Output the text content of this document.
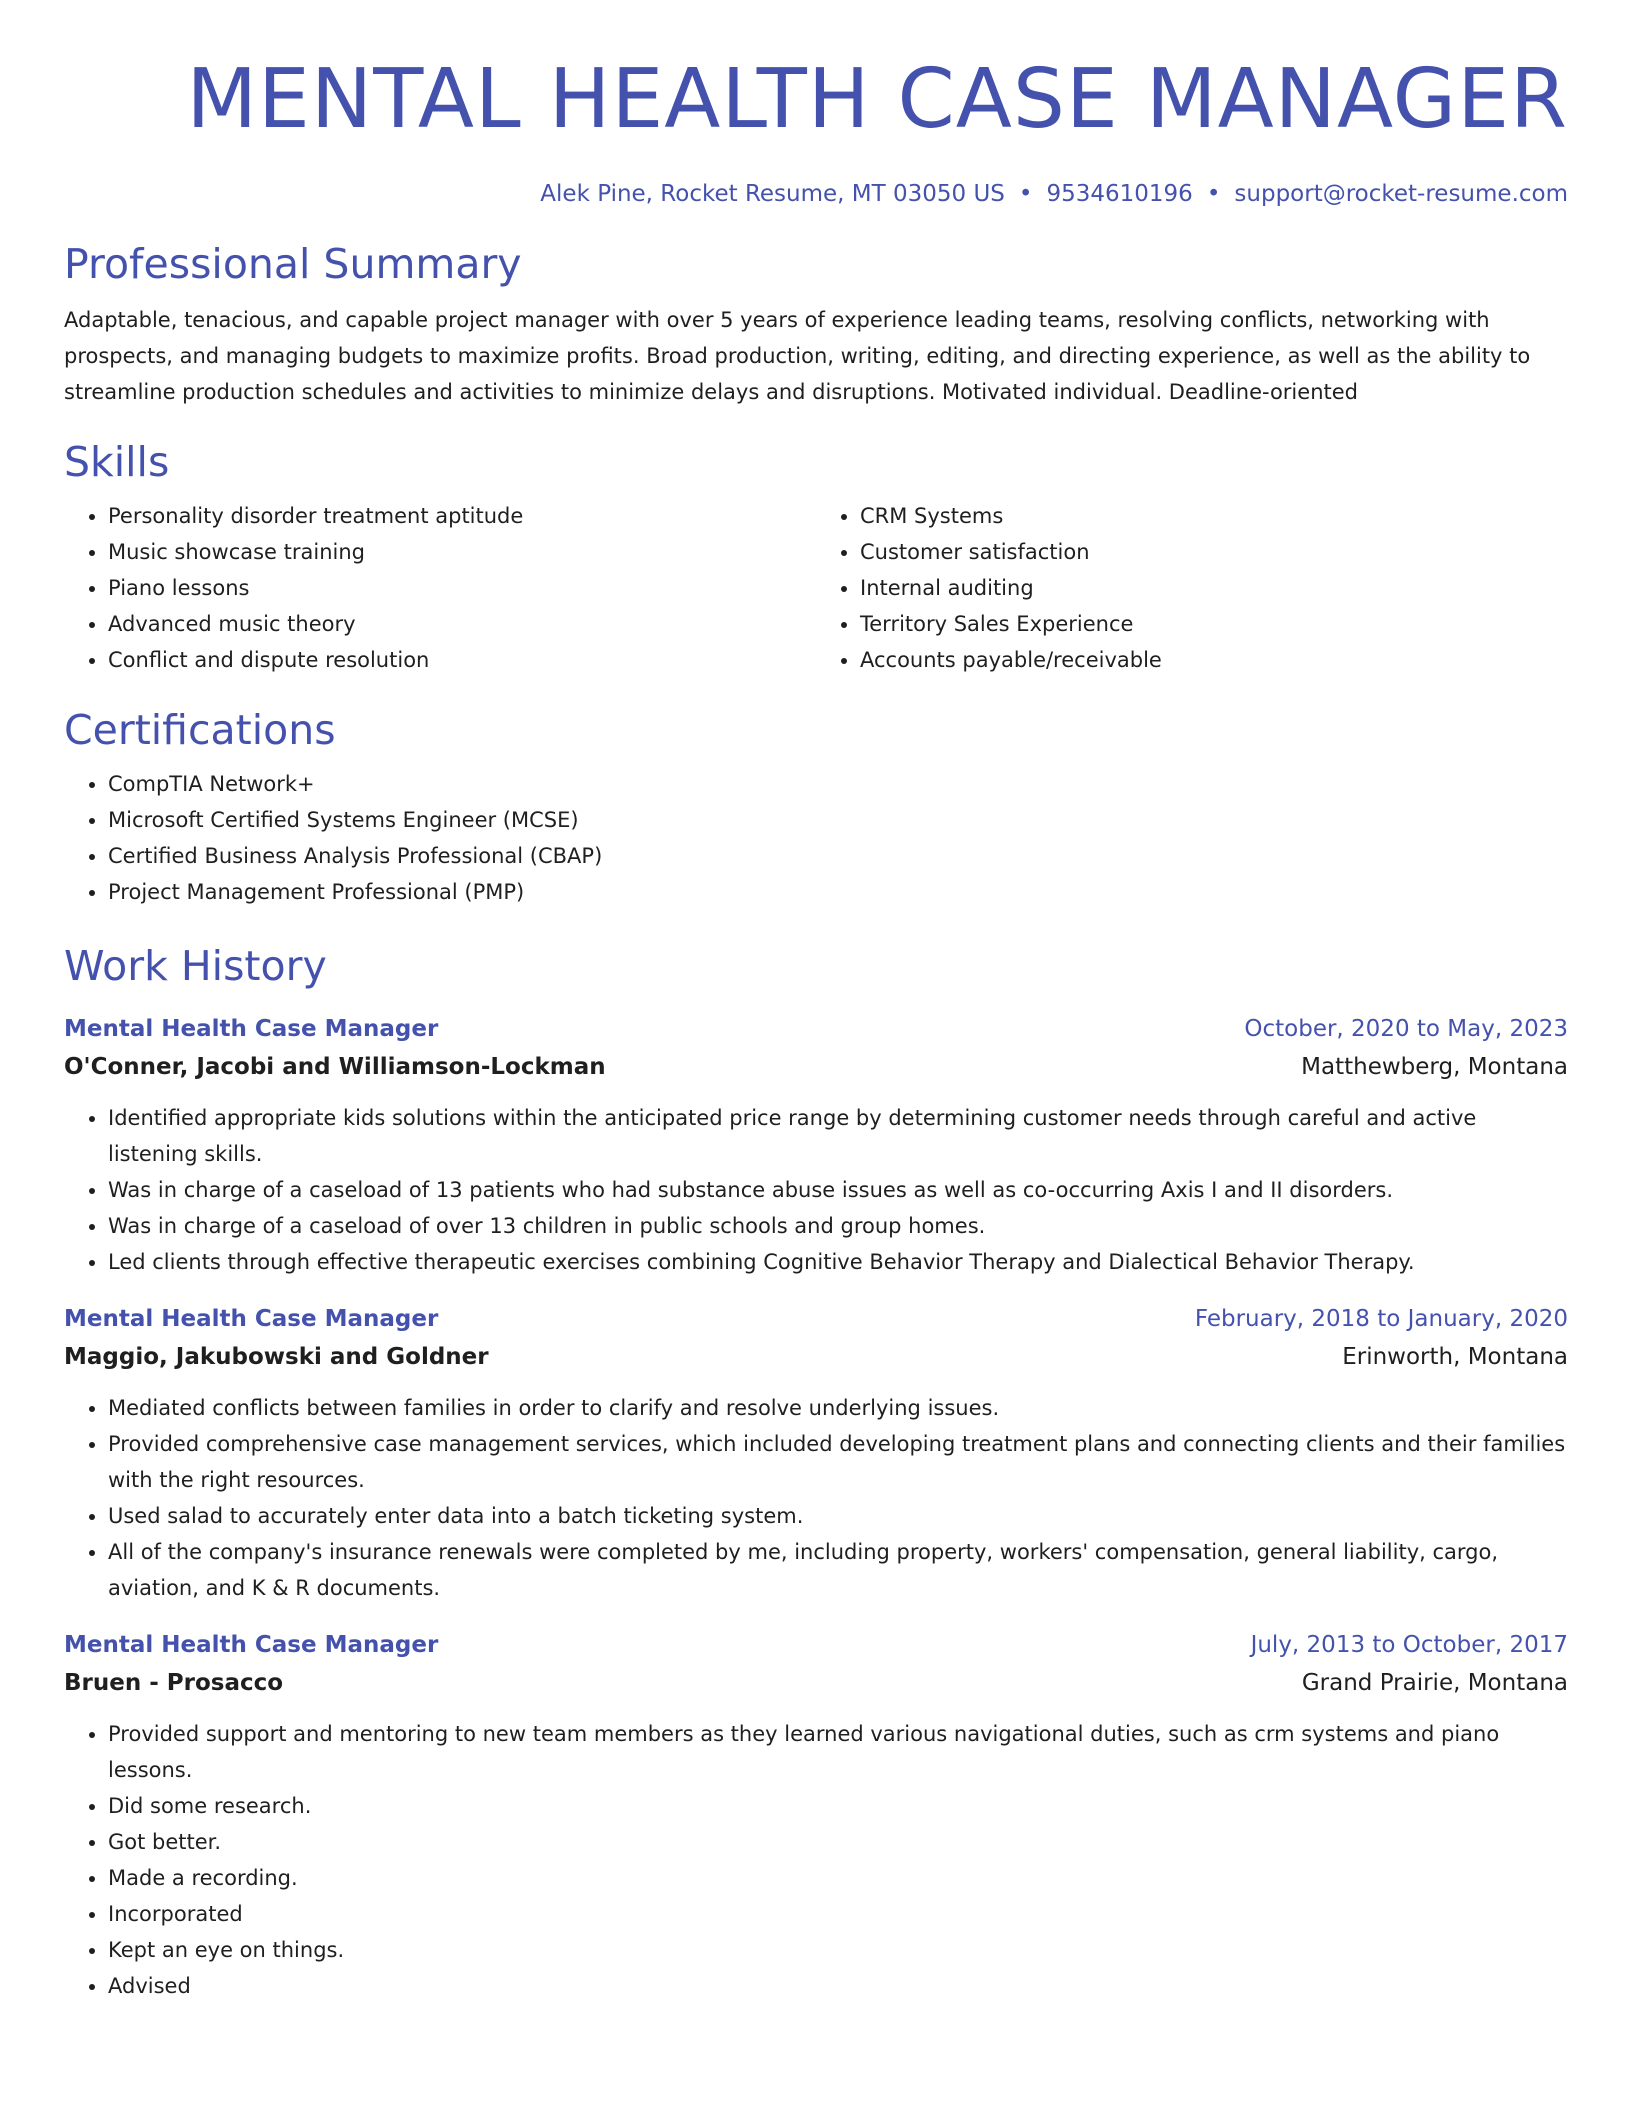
MENTAL HEALTH CASE MANAGER
Alek Pine, Rocket Resume, MT 03050 US • 9534610196 • support@rocket-resume.com
Professional Summary

Adaptable, tenacious, and capable project manager with over 5 years of experience leading teams, resolving conflicts, networking with prospects, and managing budgets to maximize profits. Broad production, writing, editing, and directing experience, as well as the ability to streamline production schedules and activities to minimize delays and disruptions. Motivated individual. Deadline-oriented

Skills
• Personality disorder treatment aptitude
• Music showcase training
• Piano lessons
• Advanced music theory
• Conflict and dispute resolution
• CRM Systems
• Customer satisfaction
• Internal auditing
• Territory Sales Experience
• Accounts payable/receivable
Certifications
• CompTIA Network+
• Microsoft Certified Systems Engineer (MCSE)
• Certified Business Analysis Professional (CBAP)
• Project Management Professional (PMP)
Work History
Mental Health Case Manager	October, 2020 to May, 2023
O'Conner, Jacobi and Williamson-Lockman	Matthewberg, Montana
• Identified appropriate kids solutions within the anticipated price range by determining customer needs through careful and active listening skills.
• Was in charge of a caseload of 13 patients who had substance abuse issues as well as co-occurring Axis I and II disorders.
• Was in charge of a caseload of over 13 children in public schools and group homes.
• Led clients through effective therapeutic exercises combining Cognitive Behavior Therapy and Dialectical Behavior Therapy.
Mental Health Case Manager	February, 2018 to January, 2020
Maggio, Jakubowski and Goldner	Erinworth, Montana
• Mediated conflicts between families in order to clarify and resolve underlying issues.
• Provided comprehensive case management services, which included developing treatment plans and connecting clients and their families with the right resources.
• Used salad to accurately enter data into a batch ticketing system.
• All of the company's insurance renewals were completed by me, including property, workers' compensation, general liability, cargo, aviation, and K & R documents.
Mental Health Case Manager	July, 2013 to October, 2017
Bruen - Prosacco	Grand Prairie, Montana
• Provided support and mentoring to new team members as they learned various navigational duties, such as crm systems and piano lessons.
• Did some research.
• Got better.
• Made a recording.
• Incorporated
• Kept an eye on things.
• Advised
